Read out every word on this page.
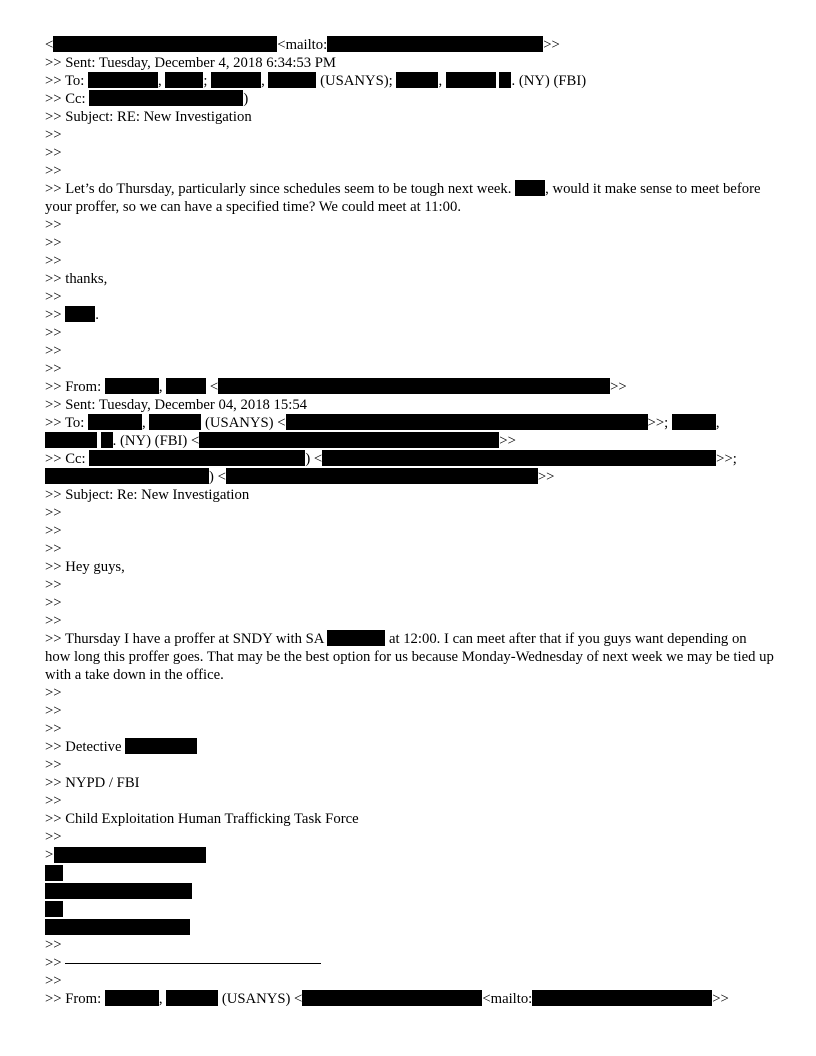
<	<mailto:	>>
>> Sent: Tuesday, December 4, 2018 6:34:53 PM
>> To:	,	;	,	(USANYS);	,	. (NY) (FBI)
>> Cc:	)
>> Subject: RE: New Investigation
>>
>>
>>
>> Let’s do Thursday, particularly since schedules seem to be tough next week. , would it make sense to meet before your proffer, so we can have a specified time? We could meet at 11:00.
>>
>>
>>
>> thanks,
>>
>> .
>>
>>
>>
>> From:	,	<	>>
>> Sent: Tuesday, December 04, 2018 15:54
>> To:	,	(USANYS) <	>>;	,
. (NY) (FBI) <	>>
>> Cc:	) <	>>;
) <	>>
>> Subject: Re: New Investigation
>>
>>
>>
>> Hey guys,
>>
>>
>>
>> Thursday I have a proffer at SNDY with SA	at 12:00. I can meet after that if you guys want depending on how long this proffer goes. That may be the best option for us because Monday-Wednesday of next week we may be tied up with a take down in the office.
>>
>>
>>
>> Detective
>>
>> NYPD / FBI
>>
>> Child Exploitation Human Trafficking Task Force
>>
>
>>
>>
>>
>> From:	,	(USANYS) <	<mailto:	>>
